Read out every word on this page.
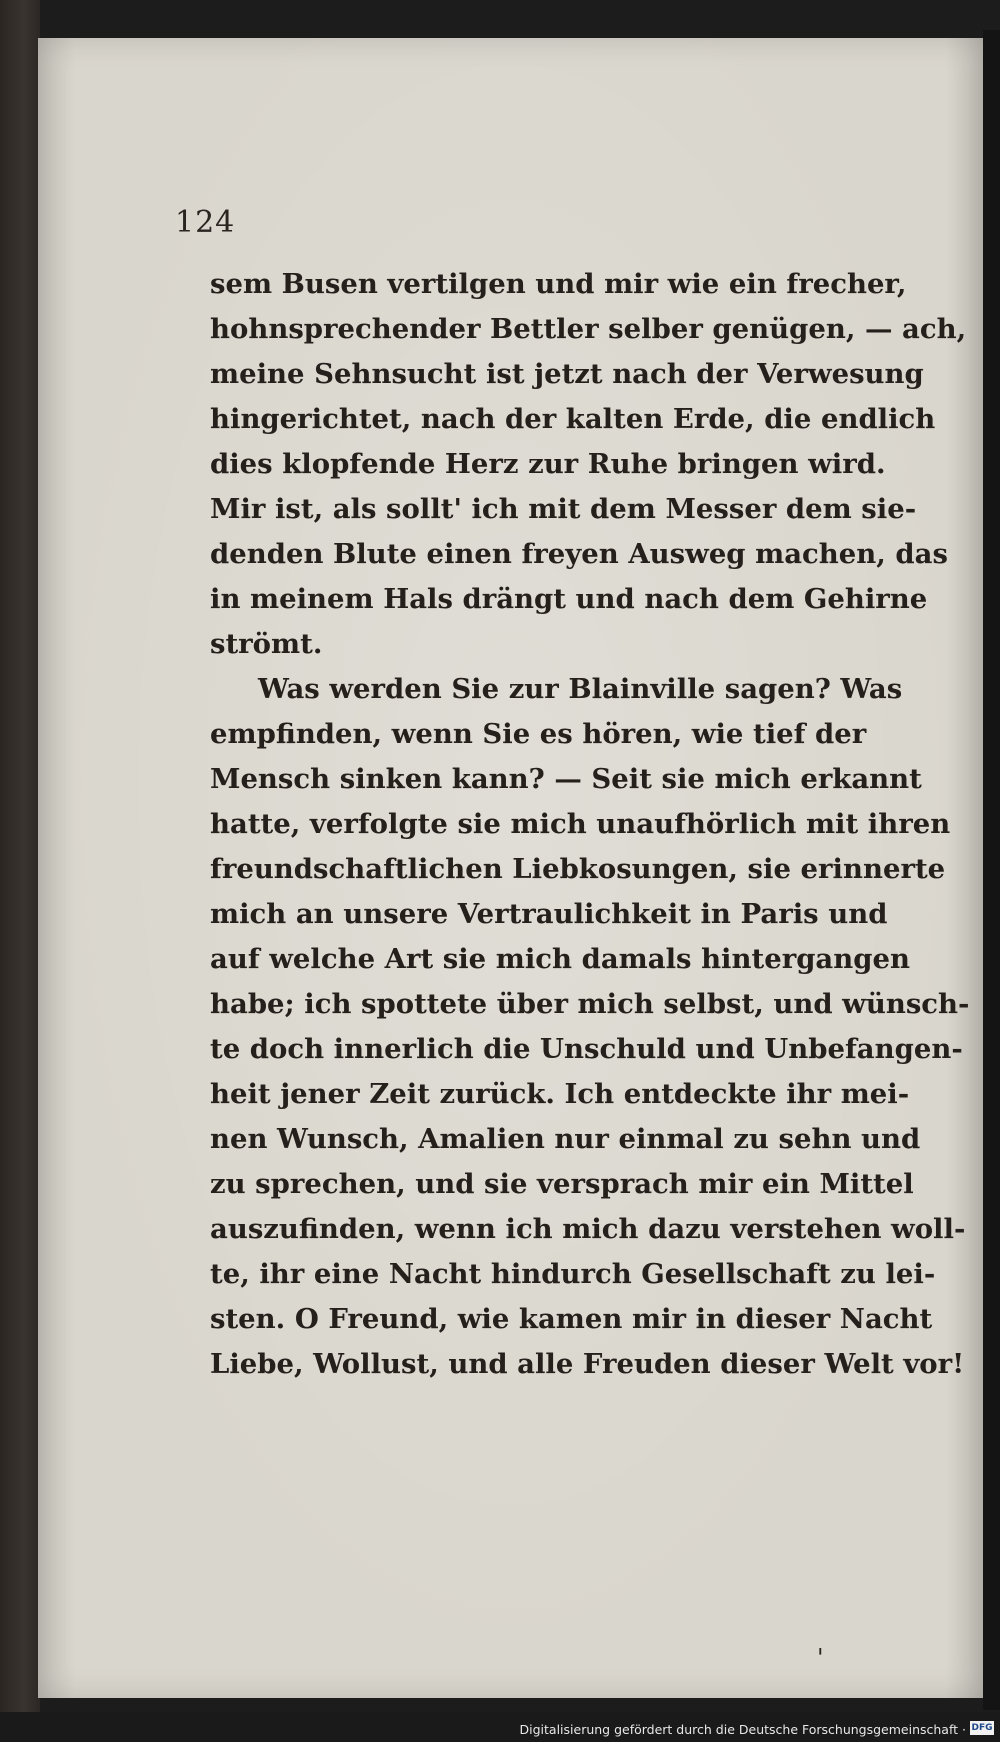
124
sem Busen vertilgen und mir wie ein frecher,
hohnsprechender Bettler selber genügen, — ach,
meine Sehnsucht ist jetzt nach der Verwesung
hingerichtet, nach der kalten Erde, die endlich
dies klopfende Herz zur Ruhe bringen wird.
Mir ist, als sollt' ich mit dem Messer dem sie-
denden Blute einen freyen Ausweg machen, das
in meinem Hals drängt und nach dem Gehirne
strömt.
Was werden Sie zur Blainville sagen? Was
empfinden, wenn Sie es hören, wie tief der
Mensch sinken kann? — Seit sie mich erkannt
hatte, verfolgte sie mich unaufhörlich mit ihren
freundschaftlichen Liebkosungen, sie erinnerte
mich an unsere Vertraulichkeit in Paris und
auf welche Art sie mich damals hintergangen
habe; ich spottete über mich selbst, und wünsch-
te doch innerlich die Unschuld und Unbefangen-
heit jener Zeit zurück. Ich entdeckte ihr mei-
nen Wunsch, Amalien nur einmal zu sehn und
zu sprechen, und sie versprach mir ein Mittel
auszufinden, wenn ich mich dazu verstehen woll-
te, ihr eine Nacht hindurch Gesellschaft zu lei-
sten. O Freund, wie kamen mir in dieser Nacht
Liebe, Wollust, und alle Freuden dieser Welt vor!
'
Digitalisierung gefördert durch die Deutsche Forschungsgemeinschaft · DFG
